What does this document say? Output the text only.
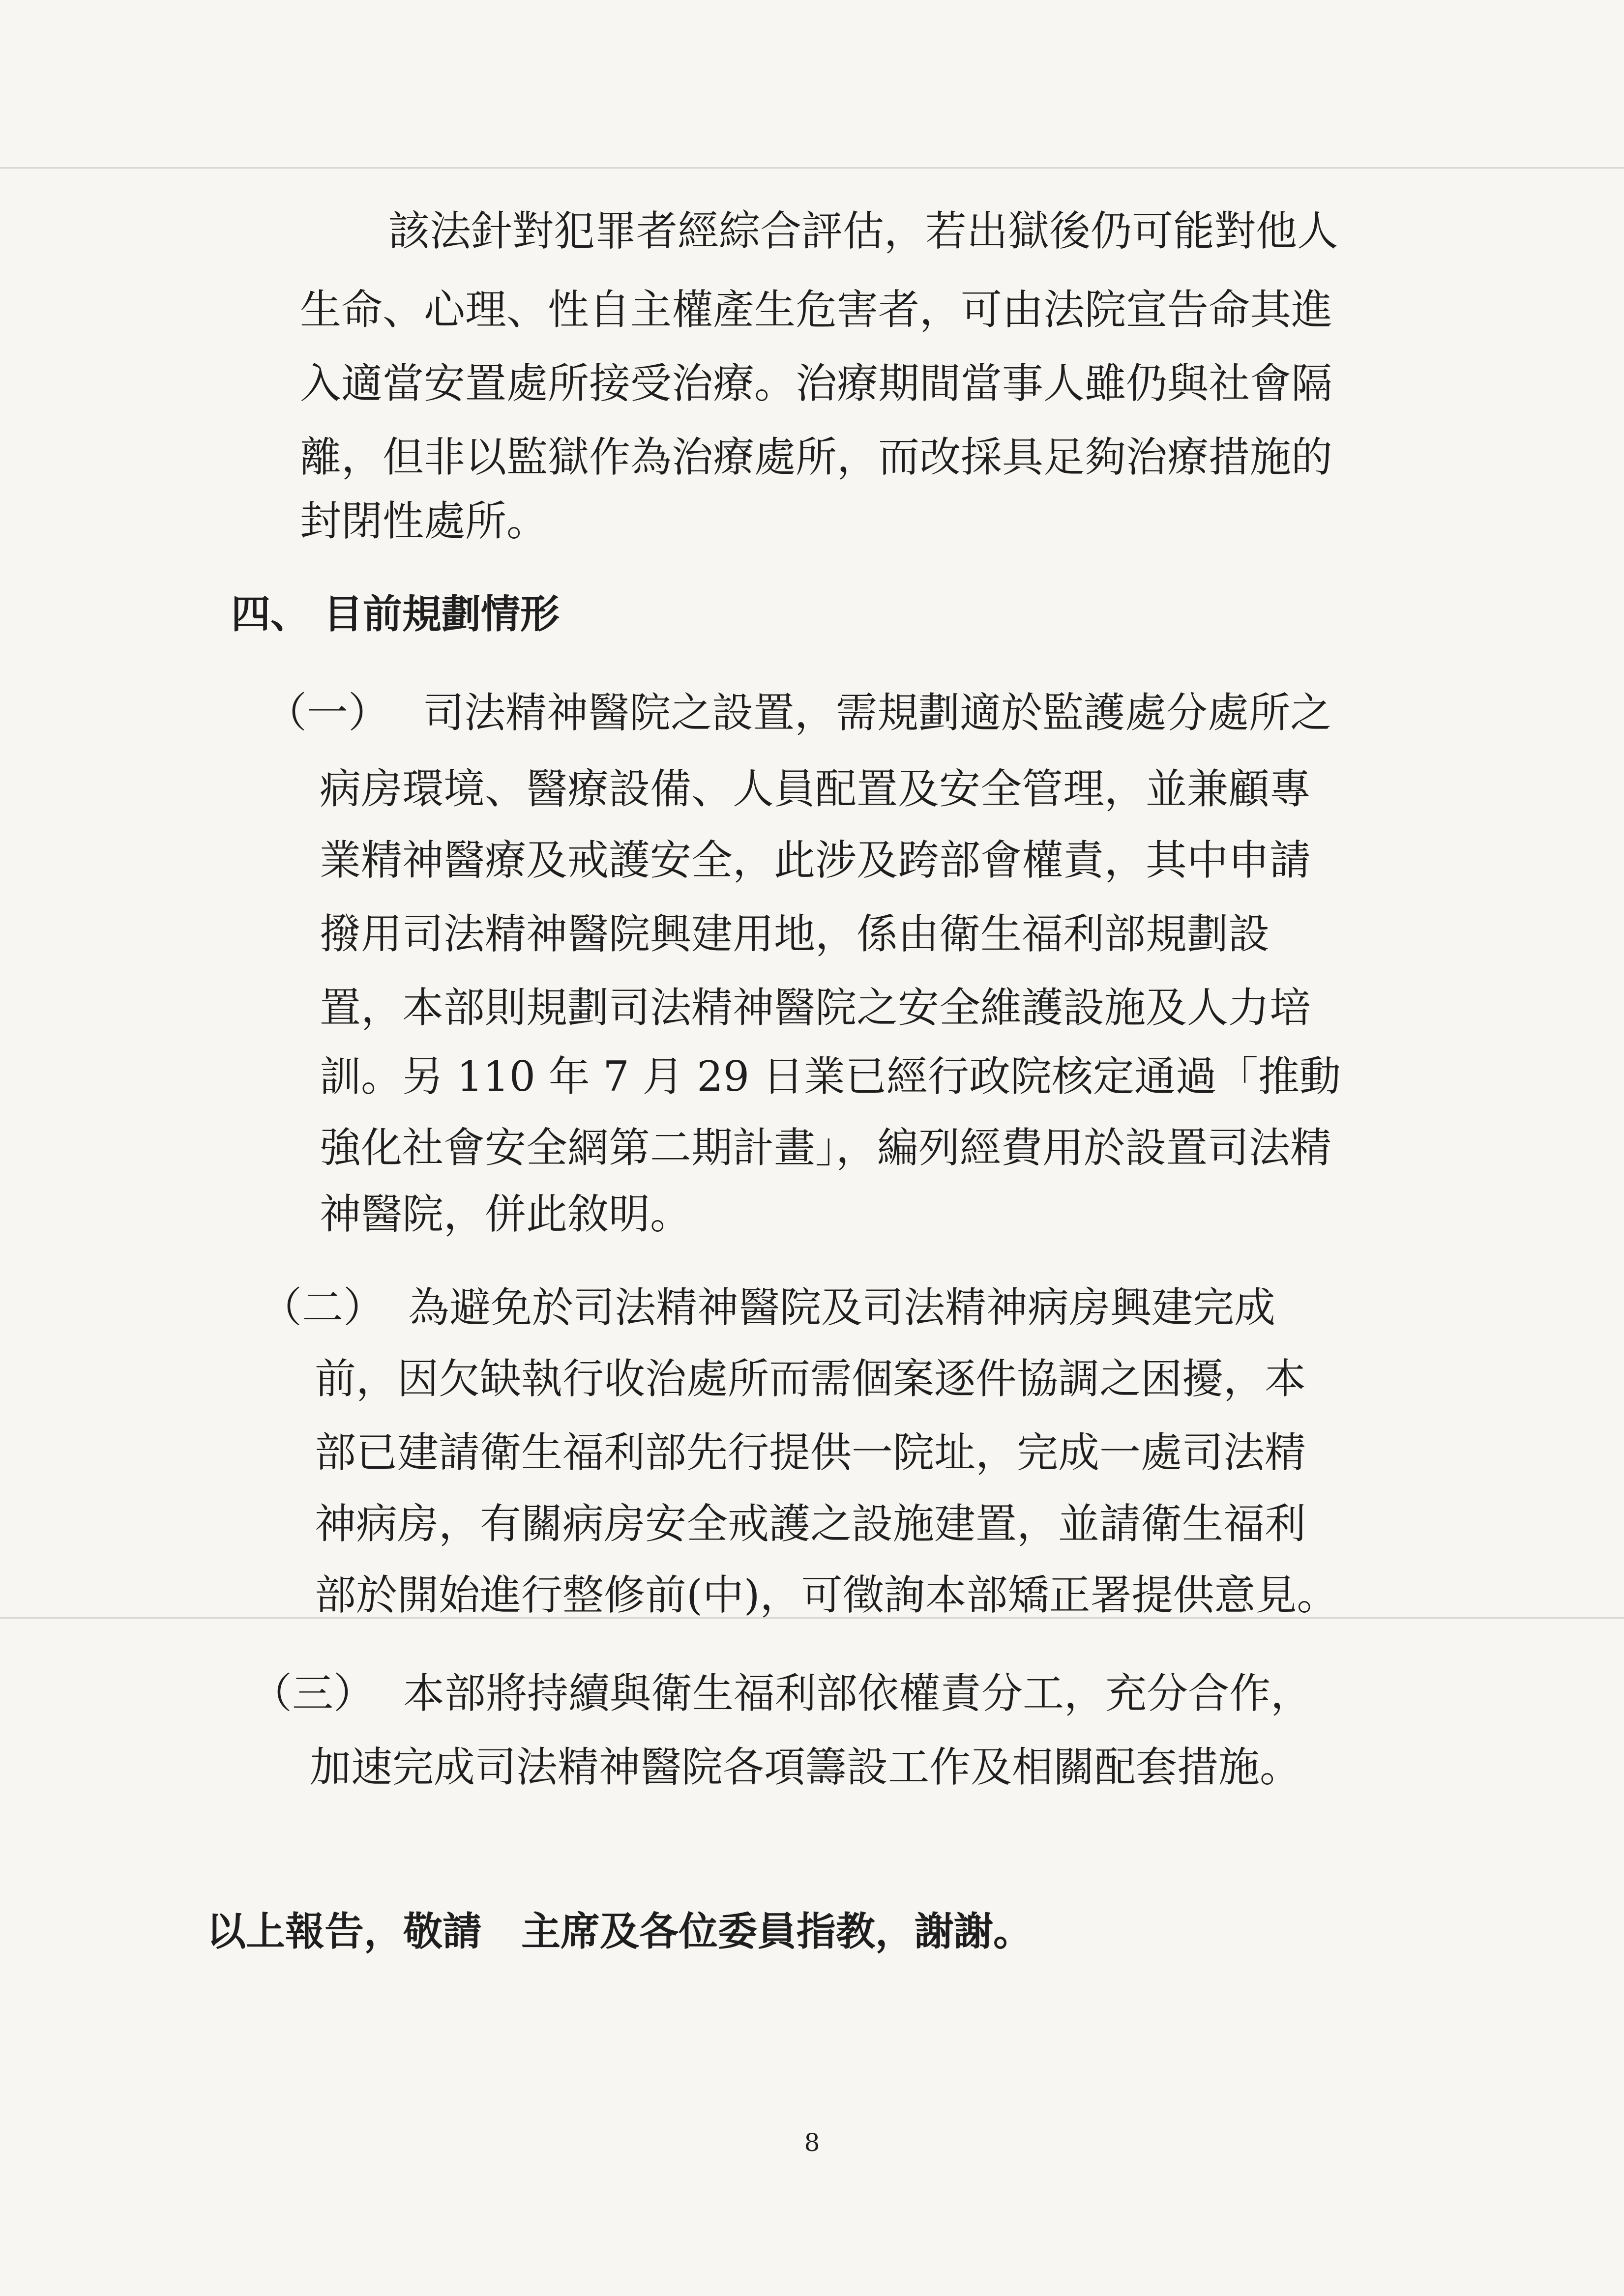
該法針對犯罪者經綜合評估，若出獄後仍可能對他人
生命、心理、性自主權產生危害者，可由法院宣告命其進
入適當安置處所接受治療。治療期間當事人雖仍與社會隔
離，但非以監獄作為治療處所，而改採具足夠治療措施的
封閉性處所。
四、 目前規劃情形
（一） 司法精神醫院之設置，需規劃適於監護處分處所之
病房環境、醫療設備、人員配置及安全管理，並兼顧專
業精神醫療及戒護安全，此涉及跨部會權責，其中申請
撥用司法精神醫院興建用地，係由衛生福利部規劃設
置，本部則規劃司法精神醫院之安全維護設施及人力培
訓。另 110 年 7 月 29 日業已經行政院核定通過「推動
強化社會安全網第二期計畫」，編列經費用於設置司法精
神醫院，併此敘明。
（二） 為避免於司法精神醫院及司法精神病房興建完成
前，因欠缺執行收治處所而需個案逐件協調之困擾，本
部已建請衛生福利部先行提供一院址，完成一處司法精
神病房，有關病房安全戒護之設施建置，並請衛生福利
部於開始進行整修前(中)，可徵詢本部矯正署提供意見。
（三） 本部將持續與衛生福利部依權責分工，充分合作，
加速完成司法精神醫院各項籌設工作及相關配套措施。
以上報告，敬請　主席及各位委員指教，謝謝。
8
